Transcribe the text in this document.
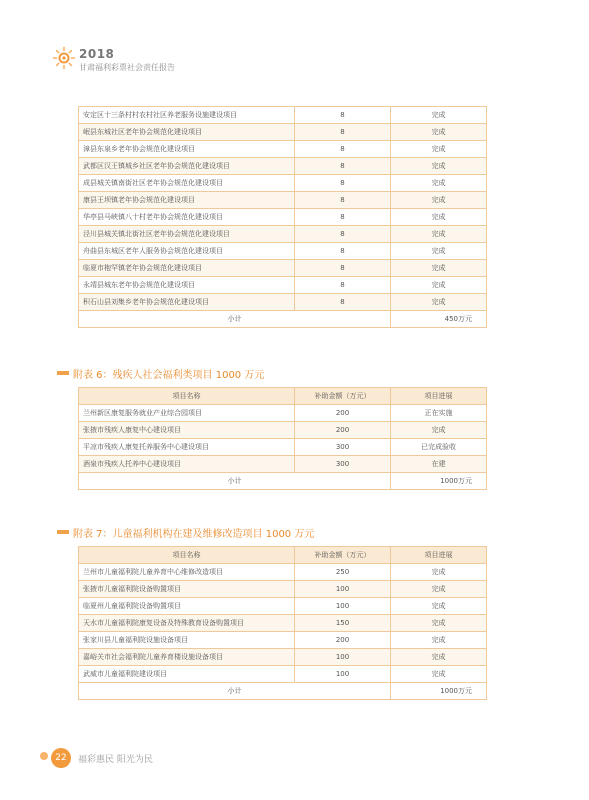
2018
甘肃福利彩票社会责任报告
安定区十三条村村农村社区养老服务设施建设项目	8	完成
岷县东城社区老年协会规范化建设项目	8	完成
漳县东泉乡老年协会规范化建设项目	8	完成
武都区汉王镇城乡社区老年协会规范化建设项目	8	完成
成县城关镇南街社区老年协会规范化建设项目	8	完成
康县王坝镇老年协会规范化建设项目	8	完成
华亭县马峡镇八十村老年协会规范化建设项目	8	完成
泾川县城关镇北街社区老年协会规范化建设项目	8	完成
舟曲县东城区老年人服务协会规范化建设项目	8	完成
临夏市枹罕镇老年协会规范化建设项目	8	完成
永靖县城东老年协会规范化建设项目	8	完成
积石山县刘集乡老年协会规范化建设项目	8	完成
小计		450万元
附表 6：残疾人社会福利类项目 1000 万元
项目名称	补助金额（万元）	项目进展
兰州新区康复服务就业产业综合园项目	200	正在实施
张掖市残疾人康复中心建设项目	200	完成
平凉市残疾人康复托养服务中心建设项目	300	已完成验收
酒泉市残疾人托养中心建设项目	300	在建
小计		1000万元
附表 7：儿童福利机构在建及维修改造项目 1000 万元
项目名称	补助金额（万元）	项目进展
兰州市儿童福利院儿童养育中心维修改造项目	250	完成
张掖市儿童福利院设备购置项目	100	完成
临夏州儿童福利院设备购置项目	100	完成
天水市儿童福利院康复设备及特殊教育设备购置项目	150	完成
张家川县儿童福利院设施设备项目	200	完成
嘉峪关市社会福利院儿童养育楼设施设备项目	100	完成
武威市儿童福利院建设项目	100	完成
小计		1000万元
22	福彩惠民 阳光为民
